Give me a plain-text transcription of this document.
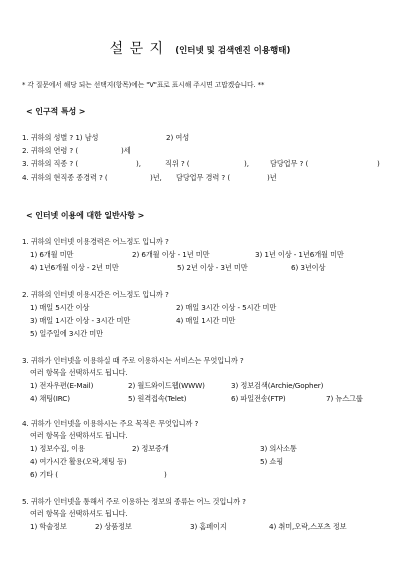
설 문 지 (인터넷 및 검색엔진 이용행태)
* 각 질문에서 해당 되는 선택지(항목)에는 "V"표로 표시해 주시면 고맙겠습니다. **
< 인구적 특성 >
1. 귀하의 성별 ? 1) 남성	2) 여성
2. 귀하의 연령 ? (	)세
3. 귀하의 직종 ? (	),	직위 ? (	),	담당업무 ? (	)
4. 귀하의 현직종 종경력 ? (	)년, 담당업무 경력 ? (	)년
< 인터넷 이용에 대한 일반사항 >
1. 귀하의 인터넷 이용경력은 어느정도 입니까 ?
1) 6개월 미만	2) 6개월 이상 - 1년 미만	3) 1년 이상 - 1년6개월 미만
4) 1년6개월 이상 - 2년 미만	5) 2년 이상 - 3년 미만	6) 3년이상
2. 귀하의 인터넷 이용시간은 어느정도 입니까 ?
1) 매일 5시간 이상	2) 매일 3시간 이상 - 5시간 미만
3) 매일 1시간 이상 - 3시간 미만	4) 매일 1시간 미만
5) 일주일에 3시간 미만
3. 귀하가 인터넷을 이용하실 때 주로 이용하시는 서비스는 무엇입니까 ?
여러 항목을 선택하셔도 됩니다.
1) 전자우편(E-Mail)	2) 월드와이드웹(WWW)	3) 정보검색(Archie/Gopher)
4) 채팅(IRC)	5) 원격접속(Telet)	6) 파일전송(FTP)	7) 뉴스그룹
4. 귀하가 인터넷을 이용하시는 주요 목적은 무엇입니까 ?
여러 항목을 선택하셔도 됩니다.
1) 정보수집, 이용	2) 정보증개	3) 의사소통
4) 여가시간 활용(오락,채팅 등)	5) 쇼핑
6) 기타 (	)
5. 귀하가 인터넷을 통해서 주로 이용하는 정보의 종류는 어느 것입니까 ?
여러 항목을 선택하셔도 됩니다.
1) 학술정보	2) 상품정보	3) 홈페이지	4) 취미,오락,스포츠 정보
